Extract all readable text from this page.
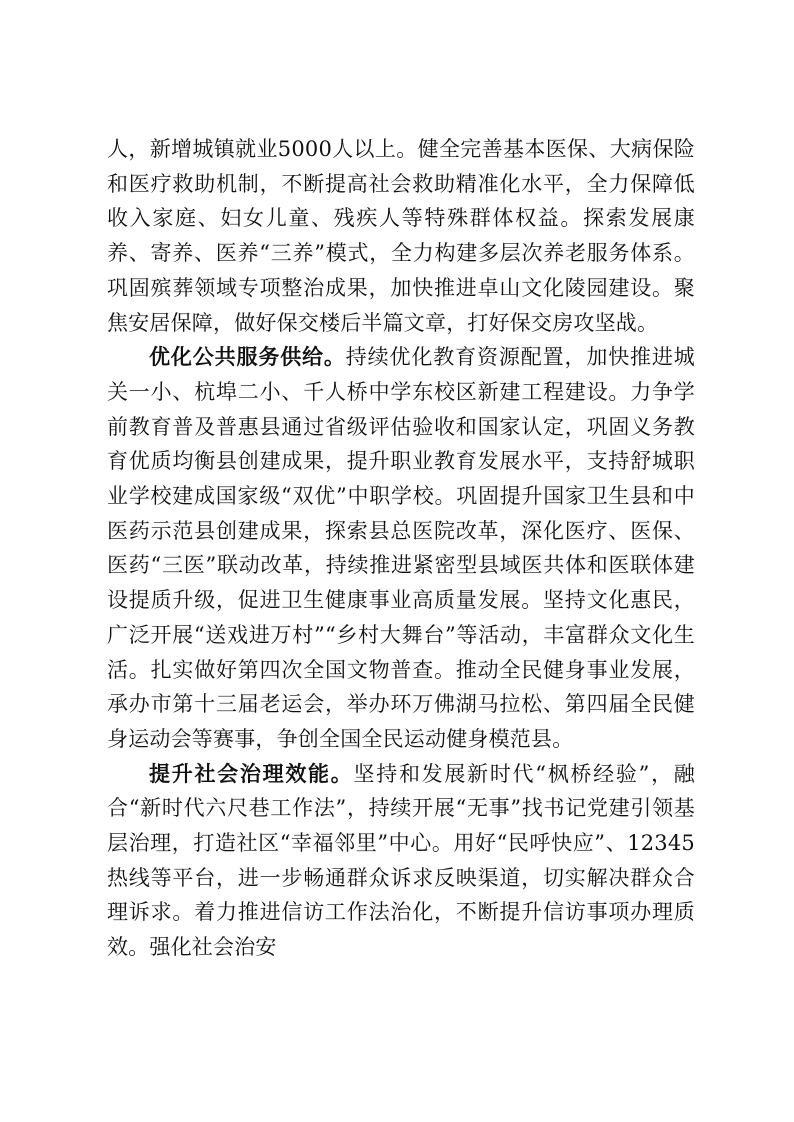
人，新增城镇就业5000人以上。健全完善基本医保、大病保险和医疗救助机制，不断提高社会救助精准化水平，全力保障低收入家庭、妇女儿童、残疾人等特殊群体权益。探索发展康养、寄养、医养“三养”模式，全力构建多层次养老服务体系。巩固殡葬领域专项整治成果，加快推进卓山文化陵园建设。聚焦安居保障，做好保交楼后半篇文章，打好保交房攻坚战。

优化公共服务供给。持续优化教育资源配置，加快推进城关一小、杭埠二小、千人桥中学东校区新建工程建设。力争学前教育普及普惠县通过省级评估验收和国家认定，巩固义务教育优质均衡县创建成果，提升职业教育发展水平，支持舒城职业学校建成国家级“双优”中职学校。巩固提升国家卫生县和中医药示范县创建成果，探索县总医院改革，深化医疗、医保、医药“三医”联动改革，持续推进紧密型县域医共体和医联体建设提质升级，促进卫生健康事业高质量发展。坚持文化惠民，广泛开展“送戏进万村”“乡村大舞台”等活动，丰富群众文化生活。扎实做好第四次全国文物普查。推动全民健身事业发展，承办市第十三届老运会，举办环万佛湖马拉松、第四届全民健身运动会等赛事，争创全国全民运动健身模范县。

提升社会治理效能。坚持和发展新时代“枫桥经验”，融合“新时代六尺巷工作法”，持续开展“无事”找书记党建引领基层治理，打造社区“幸福邻里”中心。用好“民呼快应”、12345热线等平台，进一步畅通群众诉求反映渠道，切实解决群众合理诉求。着力推进信访工作法治化，不断提升信访事项办理质效。强化社会治安
